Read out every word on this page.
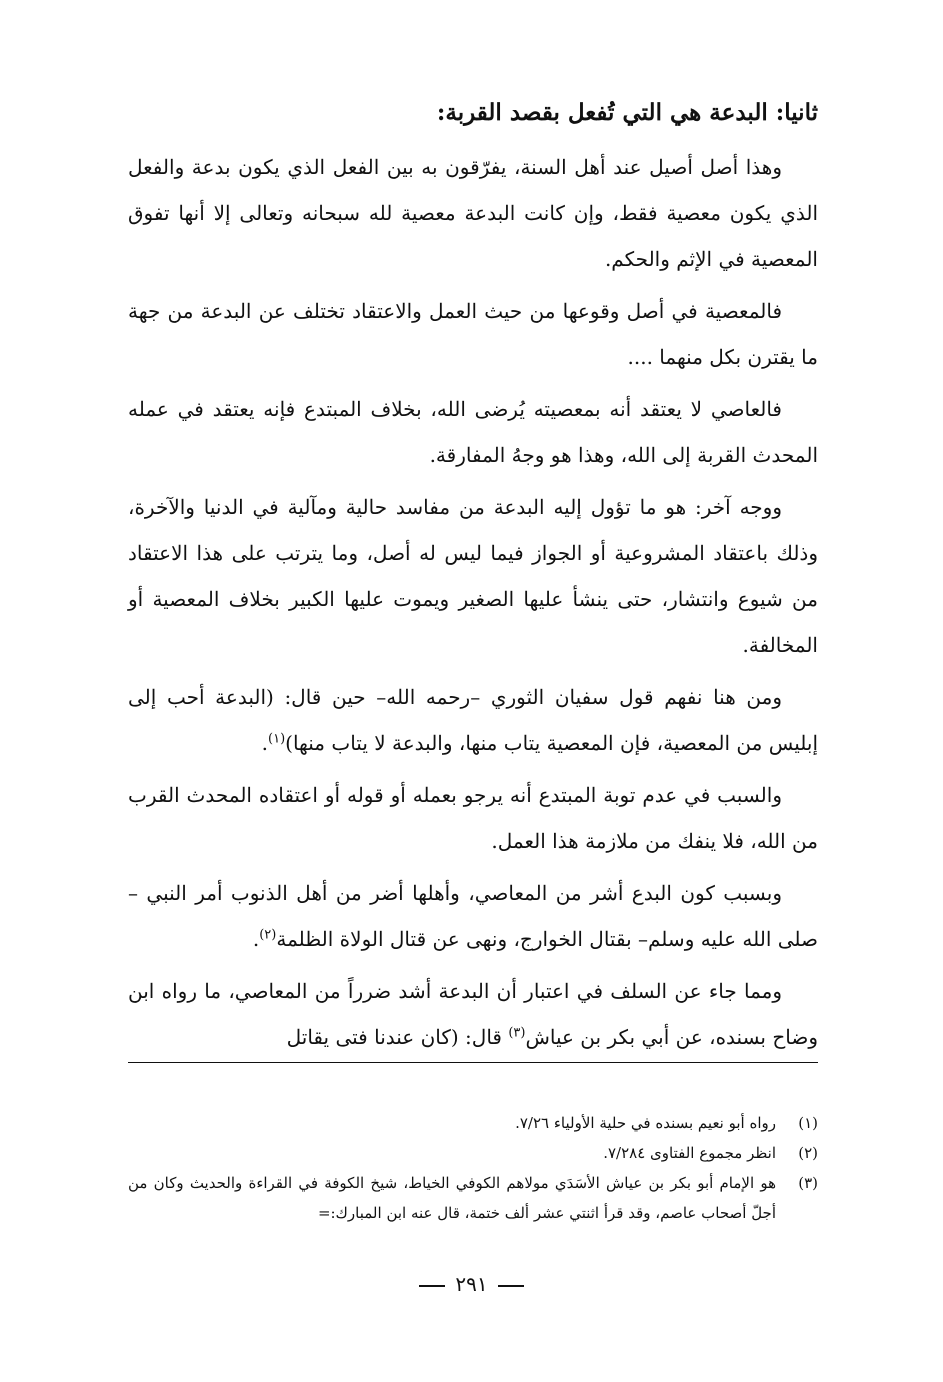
ثانيا: البدعة هي التي تُفعل بقصد القربة:

وهذا أصل أصيل عند أهل السنة، يفرّقون به بين الفعل الذي يكون بدعة والفعل الذي يكون معصية فقط، وإن كانت البدعة معصية لله سبحانه وتعالى إلا أنها تفوق المعصية في الإثم والحكم.

فالمعصية في أصل وقوعها من حيث العمل والاعتقاد تختلف عن البدعة من جهة ما يقترن بكل منهما ....

فالعاصي لا يعتقد أنه بمعصيته يُرضى الله، بخلاف المبتدع فإنه يعتقد في عمله المحدث القربة إلى الله، وهذا هو وجهُ المفارقة.

ووجه آخر: هو ما تؤول إليه البدعة من مفاسد حالية ومآلية في الدنيا والآخرة، وذلك باعتقاد المشروعية أو الجواز فيما ليس له أصل، وما يترتب على هذا الاعتقاد من شيوع وانتشار، حتى ينشأ عليها الصغير ويموت عليها الكبير بخلاف المعصية أو المخالفة.

ومن هنا نفهم قول سفيان الثوري –رحمه الله– حين قال: (البدعة أحب إلى إبليس من المعصية، فإن المعصية يتاب منها، والبدعة لا يتاب منها)$^{(١)}$.

والسبب في عدم توبة المبتدع أنه يرجو بعمله أو قوله أو اعتقاده المحدث القرب من الله، فلا ينفك من ملازمة هذا العمل.

وبسبب كون البدع أشر من المعاصي، وأهلها أضر من أهل الذنوب أمر النبي –صلى الله عليه وسلم– بقتال الخوارج، ونهى عن قتال الولاة الظلمة$^{(٢)}$.

ومما جاء عن السلف في اعتبار أن البدعة أشد ضرراً من المعاصي، ما رواه ابن وضاح بسنده، عن أبي بكر بن عياش$^{(٣)}$ قال: (كان عندنا فتى يقاتل

(١)
رواه أبو نعيم بسنده في حلية الأولياء ٧/٢٦.
(٢)
انظر مجموع الفتاوى ٧/٢٨٤.
(٣)
هو الإمام أبو بكر بن عياش الأسَدَي مولاهم الكوفي الخياط، شيخ الكوفة في القراءة والحديث وكان من أجلّ أصحاب عاصم، وقد قرأ اثنتي عشر ألف ختمة، قال عنه ابن المبارك:=
٢٩١
